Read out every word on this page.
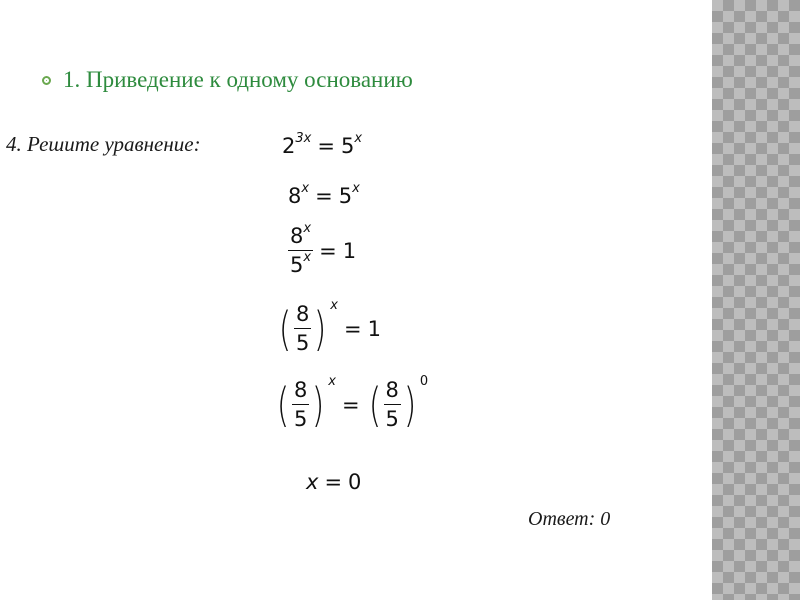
1. Приведение к одному основанию
4. Решите уравнение:	$2^{3x} = 5^x$
$8^x = 5^x$
$\frac{8^x}{5^x} = 1$
( $\frac{8}{5}$ ) x
= 1
( $\frac{8}{5}$ ) x
= ( $\frac{8}{5}$ ) 0
x = 0
Ответ: 0
